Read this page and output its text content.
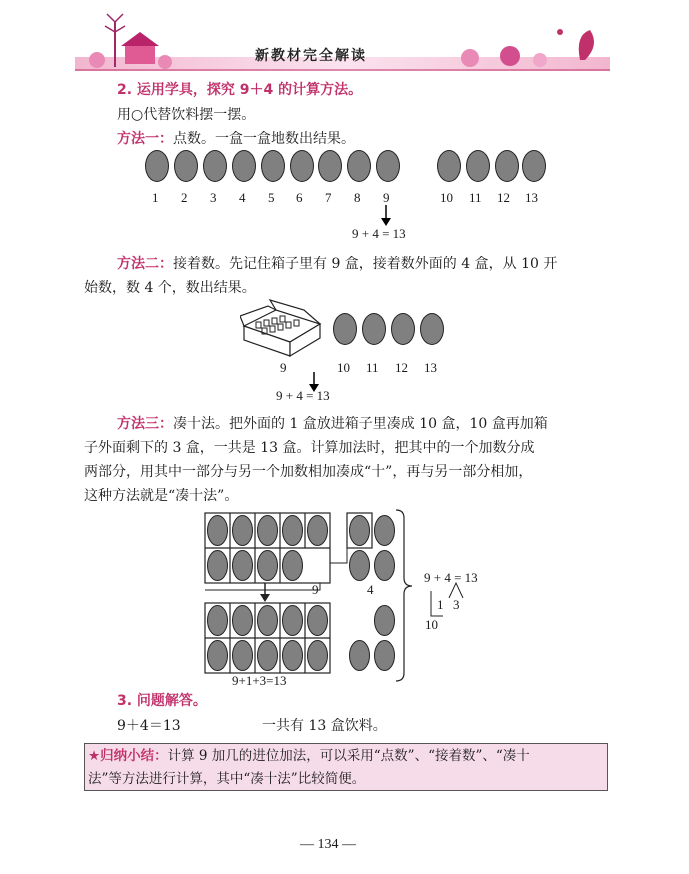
新教材完全解读
2. 运用学具，探究 9＋4 的计算方法。
用○代替饮料摆一摆。
方法一：点数。一盒一盒地数出结果。
1 2 3 4 5 6 7 8 9	10 11 12 13
9 + 4 = 13
方法二：接着数。先记住箱子里有 9 盒，接着数外面的 4 盒，从 10 开
始数，数 4 个，数出结果。
9	10 11 12 13
9 + 4 = 13
方法三：凑十法。把外面的 1 盒放进箱子里凑成 10 盒，10 盒再加箱
子外面剩下的 3 盒，一共是 13 盒。计算加法时，把其中的一个加数分成
两部分，用其中一部分与另一个加数相加凑成“十”，再与另一部分相加，
这种方法就是“凑十法”。
9	4
9 + 4 = 13
1 3
10
9+1+3=13
3. 问题解答。
9＋4＝13	一共有 13 盒饮料。
★归纳小结：计算 9 加几的进位加法，可以采用“点数”、“接着数”、“凑十
法”等方法进行计算，其中“凑十法”比较简便。
— 134 —
